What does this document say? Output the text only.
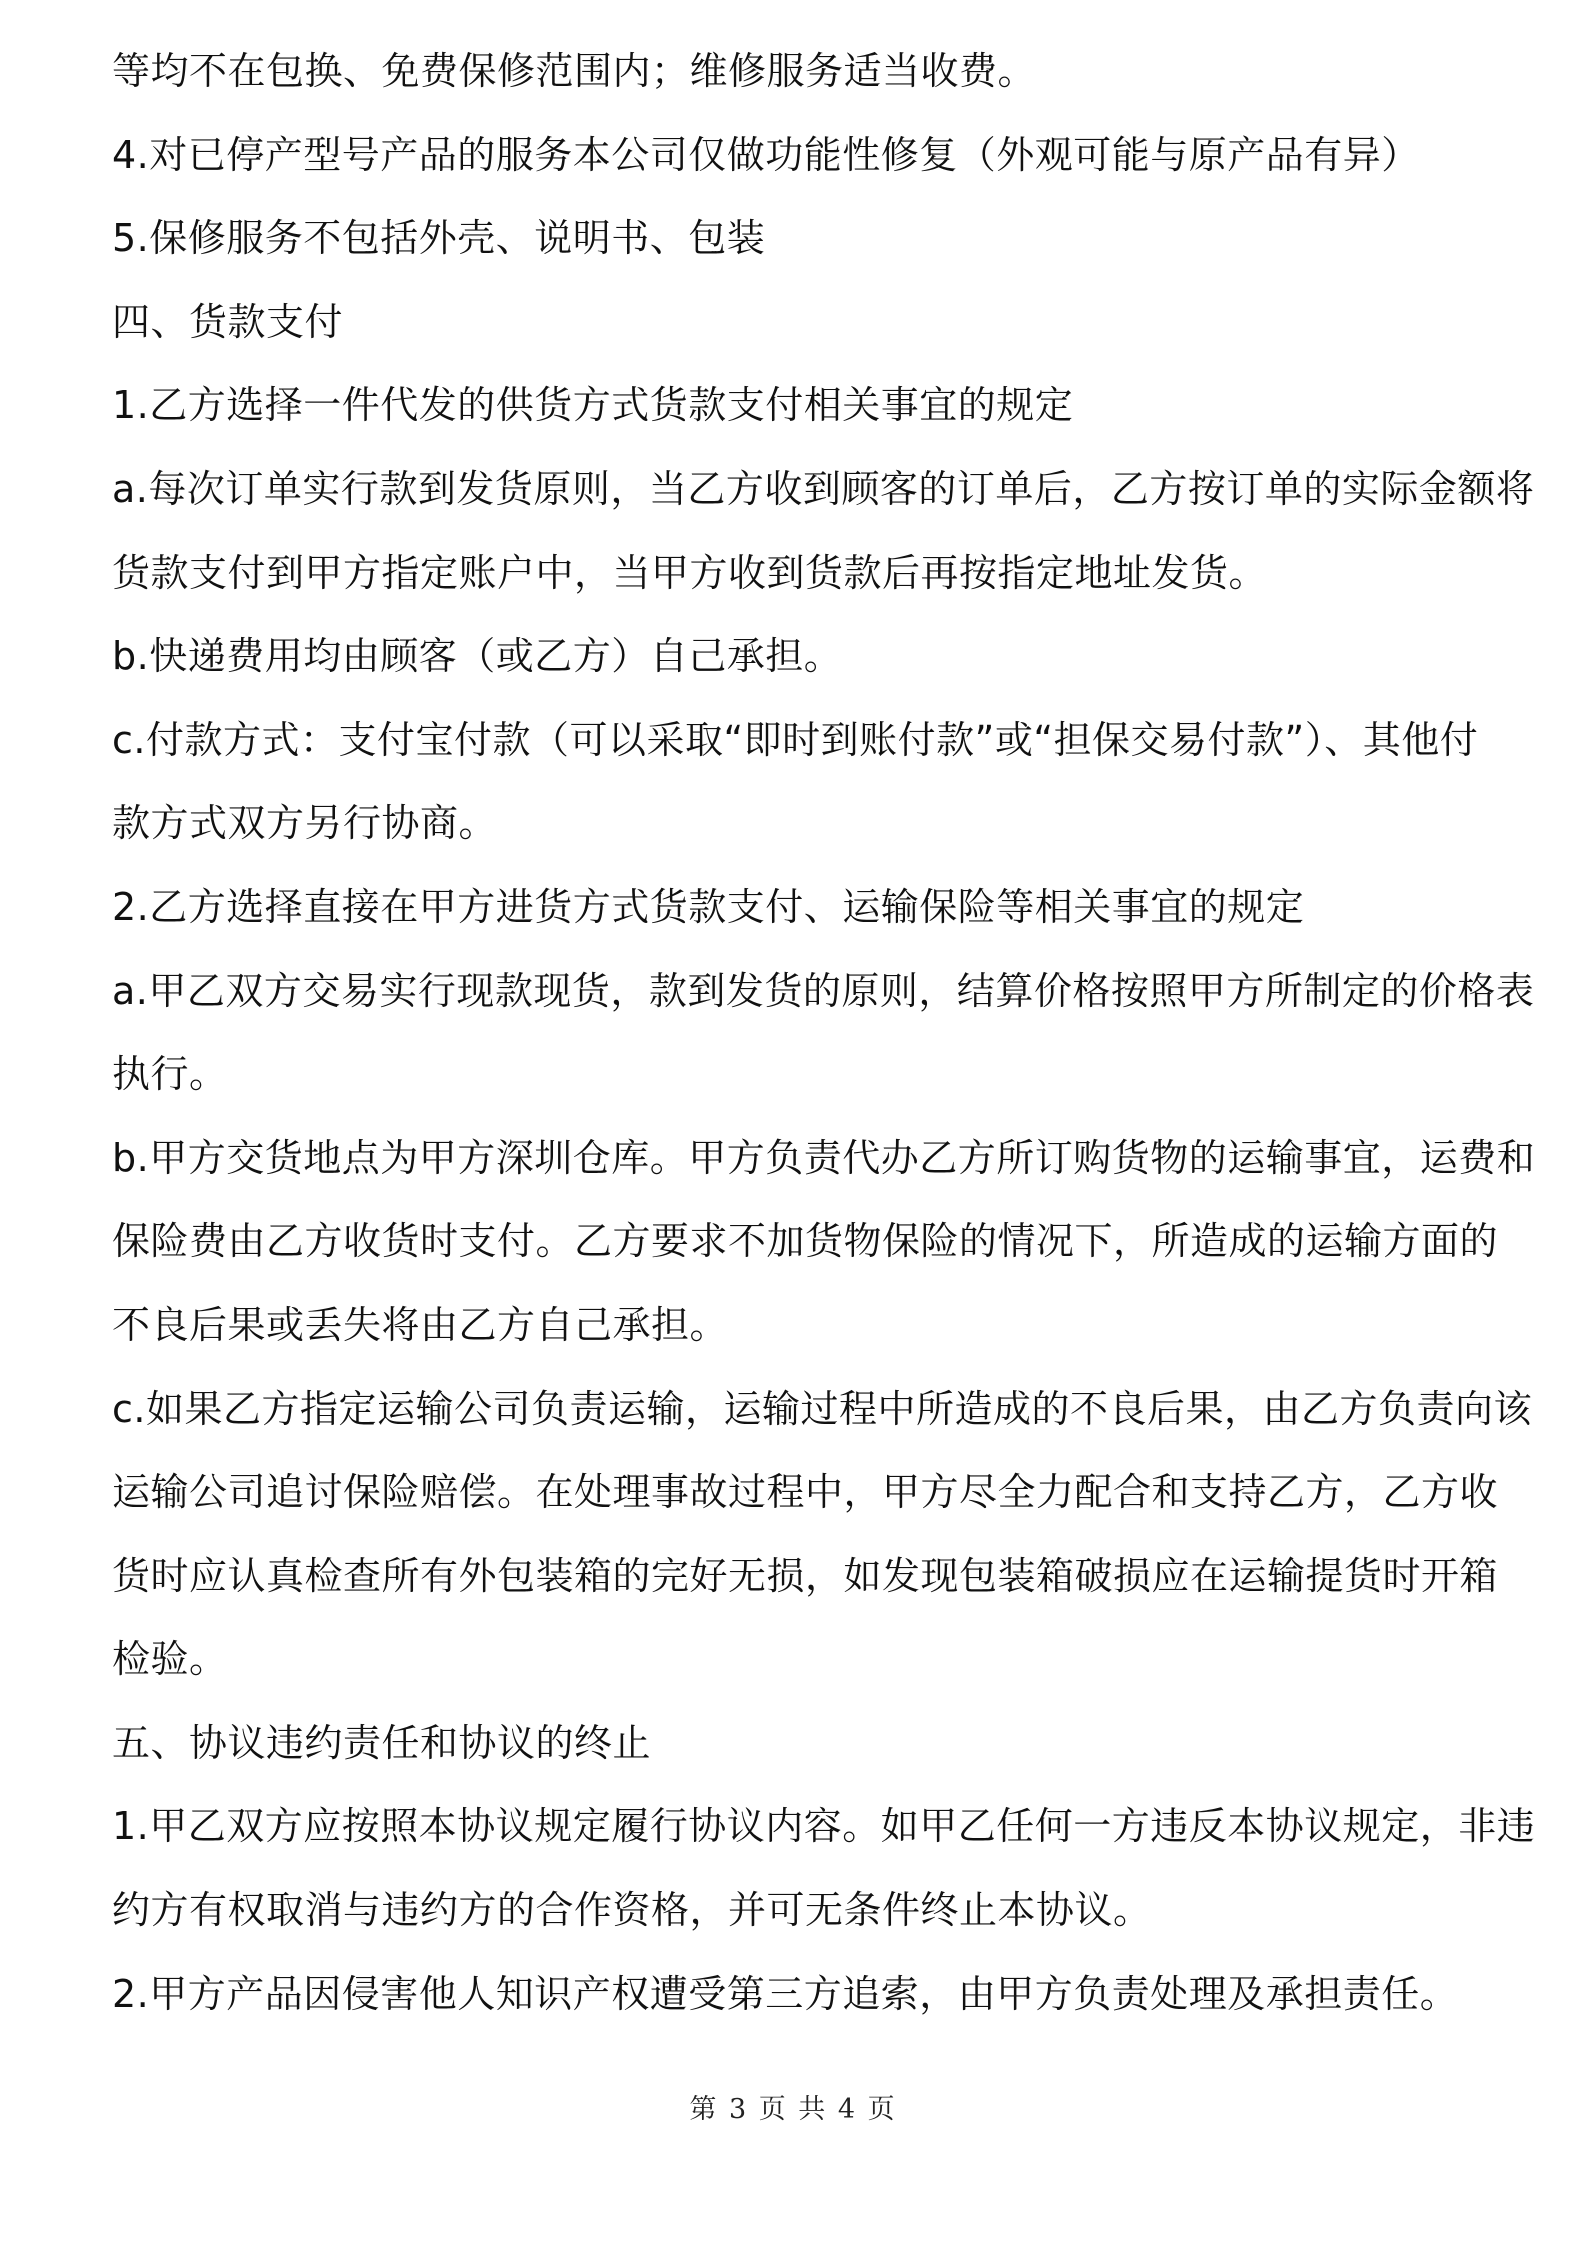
等均不在包换、免费保修范围内；维修服务适当收费。
4.对已停产型号产品的服务本公司仅做功能性修复（外观可能与原产品有异）
5.保修服务不包括外壳、说明书、包装
四、货款支付
1.乙方选择一件代发的供货方式货款支付相关事宜的规定
a.每次订单实行款到发货原则，当乙方收到顾客的订单后，乙方按订单的实际金额将
货款支付到甲方指定账户中，当甲方收到货款后再按指定地址发货。
b.快递费用均由顾客（或乙方）自己承担。
c.付款方式：支付宝付款（可以采取“即时到账付款”或“担保交易付款”）、其他付
款方式双方另行协商。
2.乙方选择直接在甲方进货方式货款支付、运输保险等相关事宜的规定
a.甲乙双方交易实行现款现货，款到发货的原则，结算价格按照甲方所制定的价格表
执行。
b.甲方交货地点为甲方深圳仓库。甲方负责代办乙方所订购货物的运输事宜，运费和
保险费由乙方收货时支付。乙方要求不加货物保险的情况下，所造成的运输方面的
不良后果或丢失将由乙方自己承担。
c.如果乙方指定运输公司负责运输，运输过程中所造成的不良后果，由乙方负责向该
运输公司追讨保险赔偿。在处理事故过程中，甲方尽全力配合和支持乙方，乙方收
货时应认真检查所有外包装箱的完好无损，如发现包装箱破损应在运输提货时开箱
检验。
五、协议违约责任和协议的终止
1.甲乙双方应按照本协议规定履行协议内容。如甲乙任何一方违反本协议规定，非违
约方有权取消与违约方的合作资格，并可无条件终止本协议。
2.甲方产品因侵害他人知识产权遭受第三方追索，由甲方负责处理及承担责任。
第 3 页 共 4 页
